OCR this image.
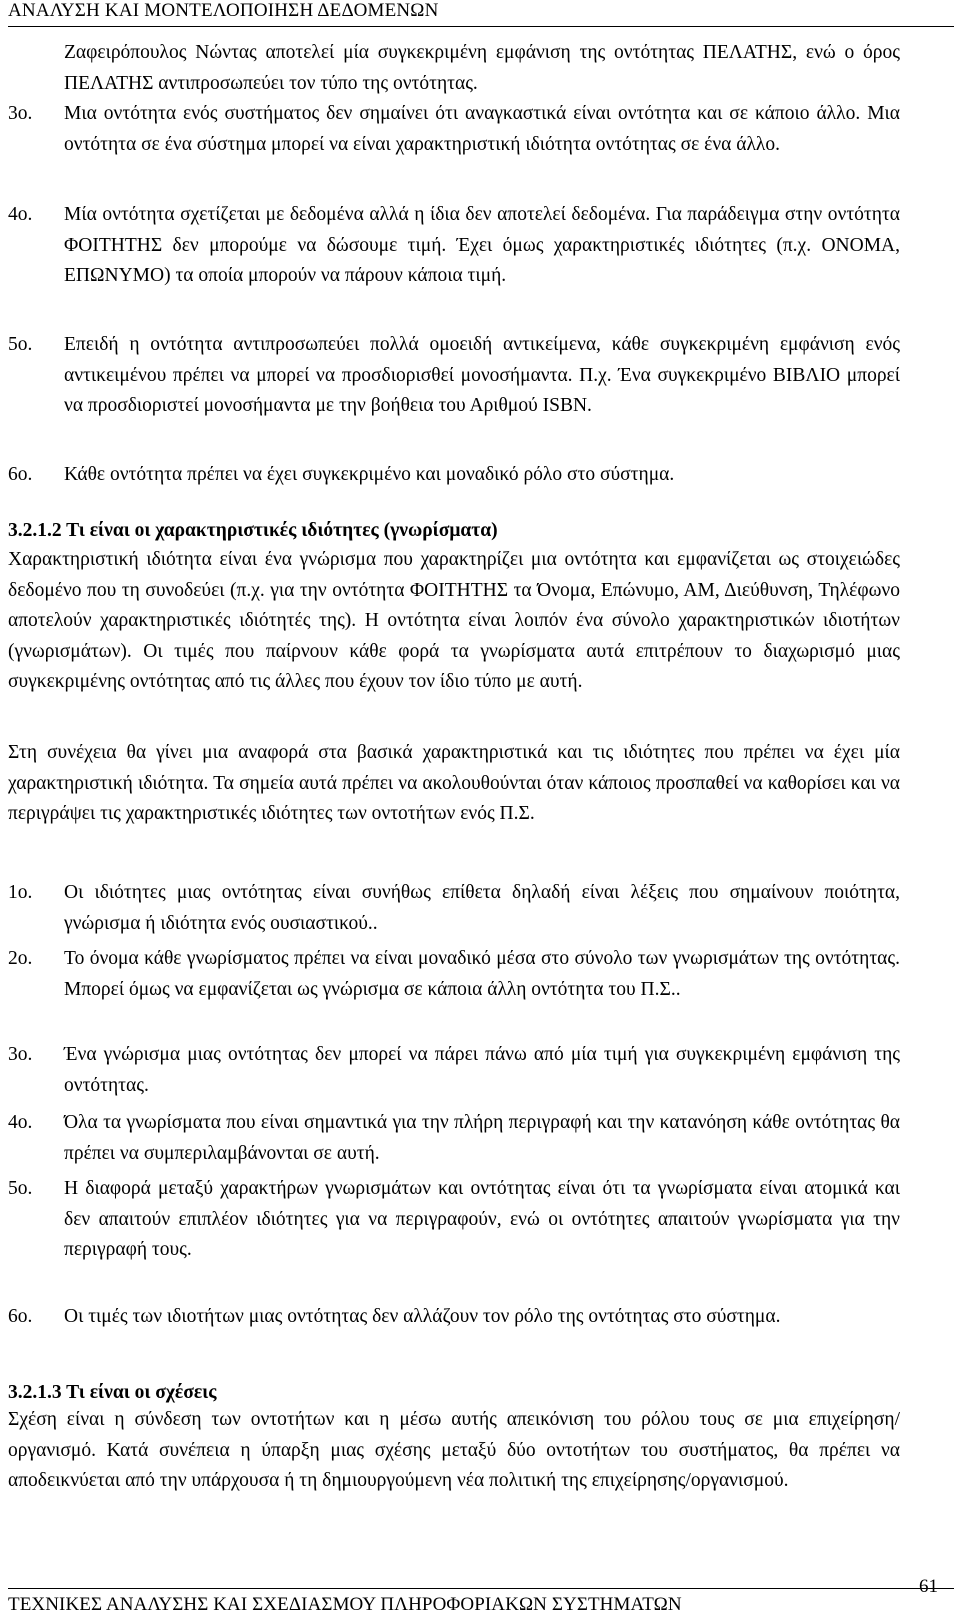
ΑΝΑΛΥΣΗ ΚΑΙ ΜΟΝΤΕΛΟΠΟΙΗΣΗ ΔΕΔΟΜΕΝΩΝ
Ζαφειρόπουλος Νώντας αποτελεί μία συγκεκριμένη εμφάνιση της οντότητας ΠΕΛΑΤΗΣ, ενώ ο όρος ΠΕΛΑΤΗΣ αντιπροσωπεύει τον τύπο της οντότητας.
3ο. Μια οντότητα ενός συστήματος δεν σημαίνει ότι αναγκαστικά είναι οντότητα και σε κάποιο άλλο. Μια οντότητα σε ένα σύστημα μπορεί να είναι χαρακτηριστική ιδιότητα οντότητας σε ένα άλλο.
4ο. Μία οντότητα σχετίζεται με δεδομένα αλλά η ίδια δεν αποτελεί δεδομένα. Για παράδειγμα στην οντότητα ΦΟΙΤΗΤΗΣ δεν μπορούμε να δώσουμε τιμή. Έχει όμως χαρακτηριστικές ιδιότητες (π.χ. ΟΝΟΜΑ, ΕΠΩΝΥΜΟ) τα οποία μπορούν να πάρουν κάποια τιμή.
5ο. Επειδή η οντότητα αντιπροσωπεύει πολλά ομοειδή αντικείμενα, κάθε συγκεκριμένη εμφάνιση ενός αντικειμένου πρέπει να μπορεί να προσδιορισθεί μονοσήμαντα. Π.χ. Ένα συγκεκριμένο ΒΙΒΛΙΟ μπορεί να προσδιοριστεί μονοσήμαντα με την βοήθεια του Αριθμού ISBN.
6ο. Κάθε οντότητα πρέπει να έχει συγκεκριμένο και μοναδικό ρόλο στο σύστημα.
3.2.1.2 Τι είναι οι χαρακτηριστικές ιδιότητες (γνωρίσματα)
Χαρακτηριστική ιδιότητα είναι ένα γνώρισμα που χαρακτηρίζει μια οντότητα και εμφανίζεται ως στοιχειώδες δεδομένο που τη συνοδεύει (π.χ. για την οντότητα ΦΟΙΤΗΤΗΣ τα Όνομα, Επώνυμο, ΑΜ, Διεύθυνση, Τηλέφωνο αποτελούν χαρακτηριστικές ιδιότητές της). Η οντότητα είναι λοιπόν ένα σύνολο χαρακτηριστικών ιδιοτήτων (γνωρισμάτων). Οι τιμές που παίρνουν κάθε φορά τα γνωρίσματα αυτά επιτρέπουν το διαχωρισμό μιας συγκεκριμένης οντότητας από τις άλλες που έχουν τον ίδιο τύπο με αυτή.
Στη συνέχεια θα γίνει μια αναφορά στα βασικά χαρακτηριστικά και τις ιδιότητες που πρέπει να έχει μία χαρακτηριστική ιδιότητα. Τα σημεία αυτά πρέπει να ακολουθούνται όταν κάποιος προσπαθεί να καθορίσει και να περιγράψει τις χαρακτηριστικές ιδιότητες των οντοτήτων ενός Π.Σ.
1ο. Οι ιδιότητες μιας οντότητας είναι συνήθως επίθετα δηλαδή είναι λέξεις που σημαίνουν ποιότητα, γνώρισμα ή ιδιότητα ενός ουσιαστικού..
2ο. Το όνομα κάθε γνωρίσματος πρέπει να είναι μοναδικό μέσα στο σύνολο των γνωρισμάτων της οντότητας. Μπορεί όμως να εμφανίζεται ως γνώρισμα σε κάποια άλλη οντότητα του Π.Σ..
3ο. Ένα γνώρισμα μιας οντότητας δεν μπορεί να πάρει πάνω από μία τιμή για συγκεκριμένη εμφάνιση της οντότητας.
4ο. Όλα τα γνωρίσματα που είναι σημαντικά για την πλήρη περιγραφή και την κατανόηση κάθε οντότητας θα πρέπει να συμπεριλαμβάνονται σε αυτή.
5ο. Η διαφορά μεταξύ χαρακτήρων γνωρισμάτων και οντότητας είναι ότι τα γνωρίσματα είναι ατομικά και δεν απαιτούν επιπλέον ιδιότητες για να περιγραφούν, ενώ οι οντότητες απαιτούν γνωρίσματα για την περιγραφή τους.
6ο. Οι τιμές των ιδιοτήτων μιας οντότητας δεν αλλάζουν τον ρόλο της οντότητας στο σύστημα.
3.2.1.3 Τι είναι οι σχέσεις
Σχέση είναι η σύνδεση των οντοτήτων και η μέσω αυτής απεικόνιση του ρόλου τους σε μια επιχείρηση/οργανισμό. Κατά συνέπεια η ύπαρξη μιας σχέσης μεταξύ δύο οντοτήτων του συστήματος, θα πρέπει να αποδεικνύεται από την υπάρχουσα ή τη δημιουργούμενη νέα πολιτική της επιχείρησης/οργανισμού.
ΤΕΧΝΙΚΕΣ ΑΝΑΛΥΣΗΣ ΚΑΙ ΣΧΕΔΙΑΣΜΟΥ ΠΛΗΡΟΦΟΡΙΑΚΩΝ ΣΥΣΤΗΜΑΤΩΝ
61
